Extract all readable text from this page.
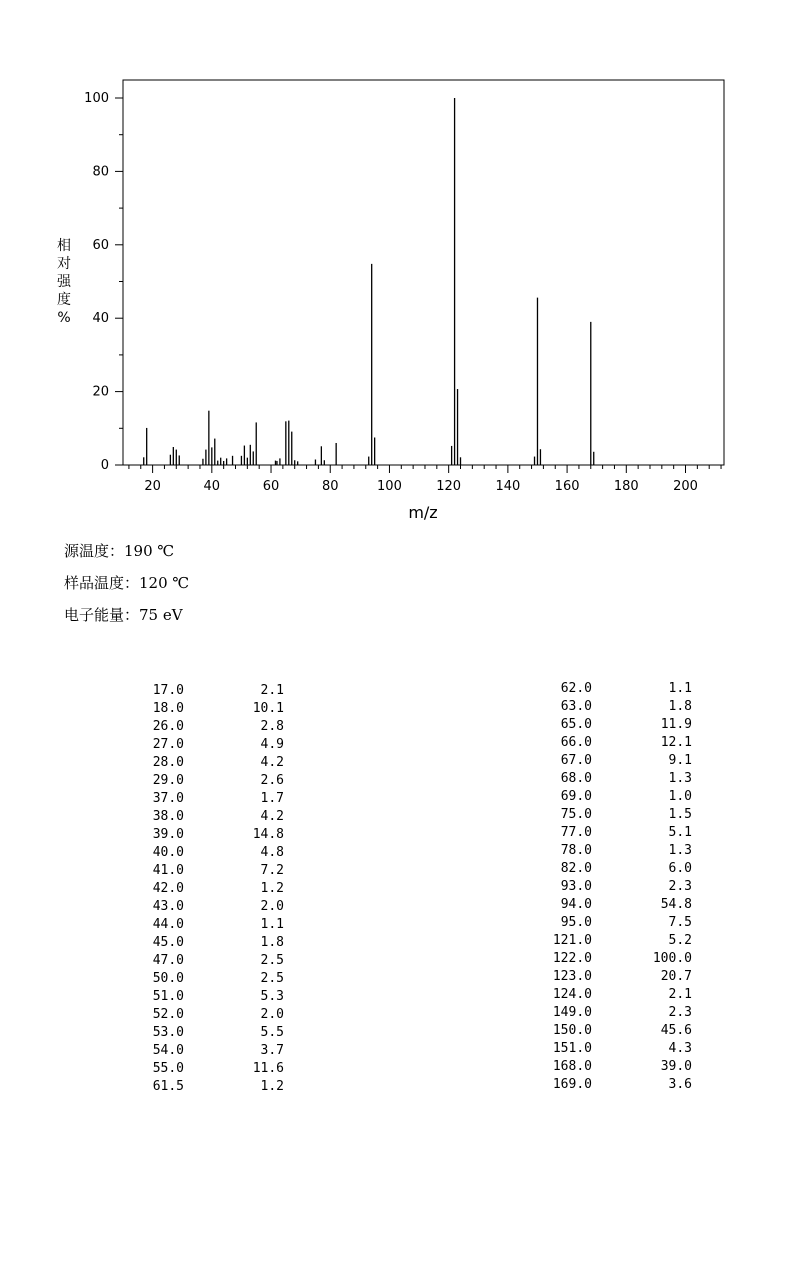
0
20
40
60
80
100
20	40	60	80	100	120	140	160	180	200
m/z
相
对
强
度
%
源温度：190 ℃
样品温度：120 ℃
电子能量：75 eV
17.0	2.1
18.0	10.1
26.0	2.8
27.0	4.9
28.0	4.2
29.0	2.6
37.0	1.7
38.0	4.2
39.0	14.8
40.0	4.8
41.0	7.2
42.0	1.2
43.0	2.0
44.0	1.1
45.0	1.8
47.0	2.5
50.0	2.5
51.0	5.3
52.0	2.0
53.0	5.5
54.0	3.7
55.0	11.6
61.5	1.2
62.0	1.1
63.0	1.8
65.0	11.9
66.0	12.1
67.0	9.1
68.0	1.3
69.0	1.0
75.0	1.5
77.0	5.1
78.0	1.3
82.0	6.0
93.0	2.3
94.0	54.8
95.0	7.5
121.0	5.2
122.0	100.0
123.0	20.7
124.0	2.1
149.0	2.3
150.0	45.6
151.0	4.3
168.0	39.0
169.0	3.6
